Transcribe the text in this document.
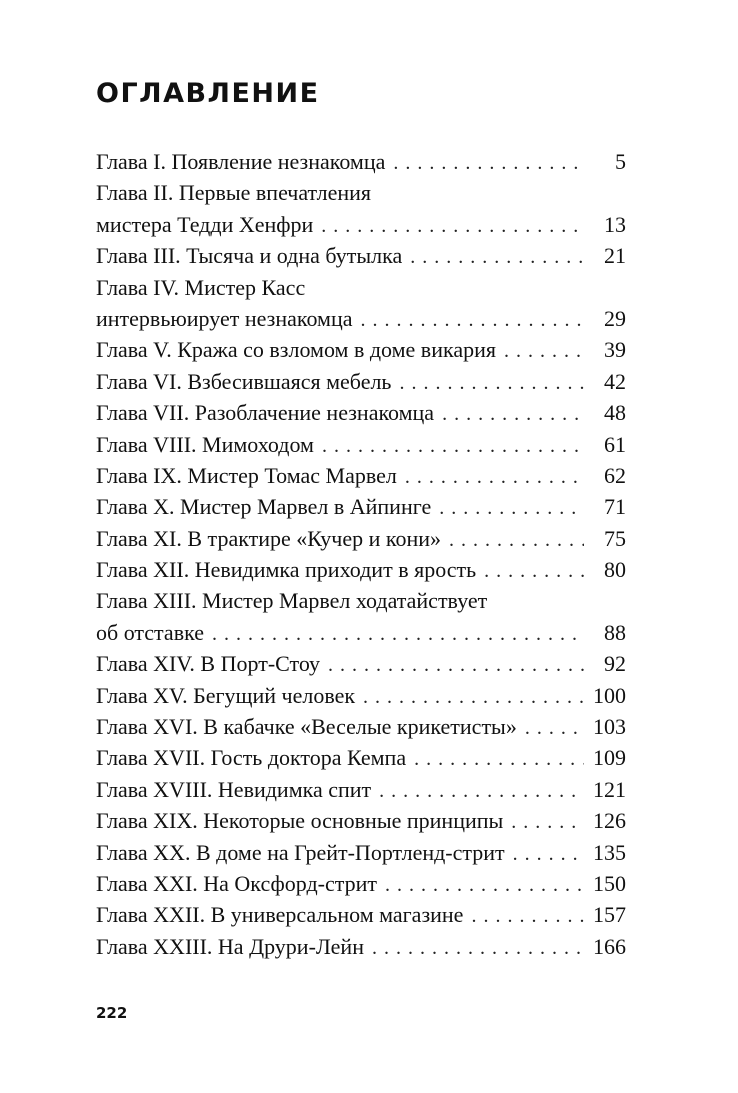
ОГЛАВЛЕНИЕ
Глава I. Появление незнакомца . . .	5
Глава II. Первые впечатления
мистера Тедди Хенфри . . .	13
Глава III. Тысяча и одна бутылка . . .	21
Глава IV. Мистер Касс
интервьюирует незнакомца . . .	29
Глава V. Кража со взломом в доме викария . . .	39
Глава VI. Взбесившаяся мебель . . .	42
Глава VII. Разоблачение незнакомца . . .	48
Глава VIII. Мимоходом . . .	61
Глава IX. Мистер Томас Марвел . . .	62
Глава X. Мистер Марвел в Айпинге . . .	71
Глава XI. В трактире «Кучер и кони» . . .	75
Глава XII. Невидимка приходит в ярость . . .	80
Глава XIII. Мистер Марвел ходатайствует
об отставке . . .	88
Глава XIV. В Порт-Стоу . . .	92
Глава XV. Бегущий человек . . .	100
Глава XVI. В кабачке «Веселые крикетисты» . . .	103
Глава XVII. Гость доктора Кемпа . . .	109
Глава XVIII. Невидимка спит . . .	121
Глава XIX. Некоторые основные принципы . . .	126
Глава XX. В доме на Грейт-Портленд-стрит . . .	135
Глава XXI. На Оксфорд-стрит . . .	150
Глава XXII. В универсальном магазине . . .	157
Глава XXIII. На Друри-Лейн . . .	166
222
